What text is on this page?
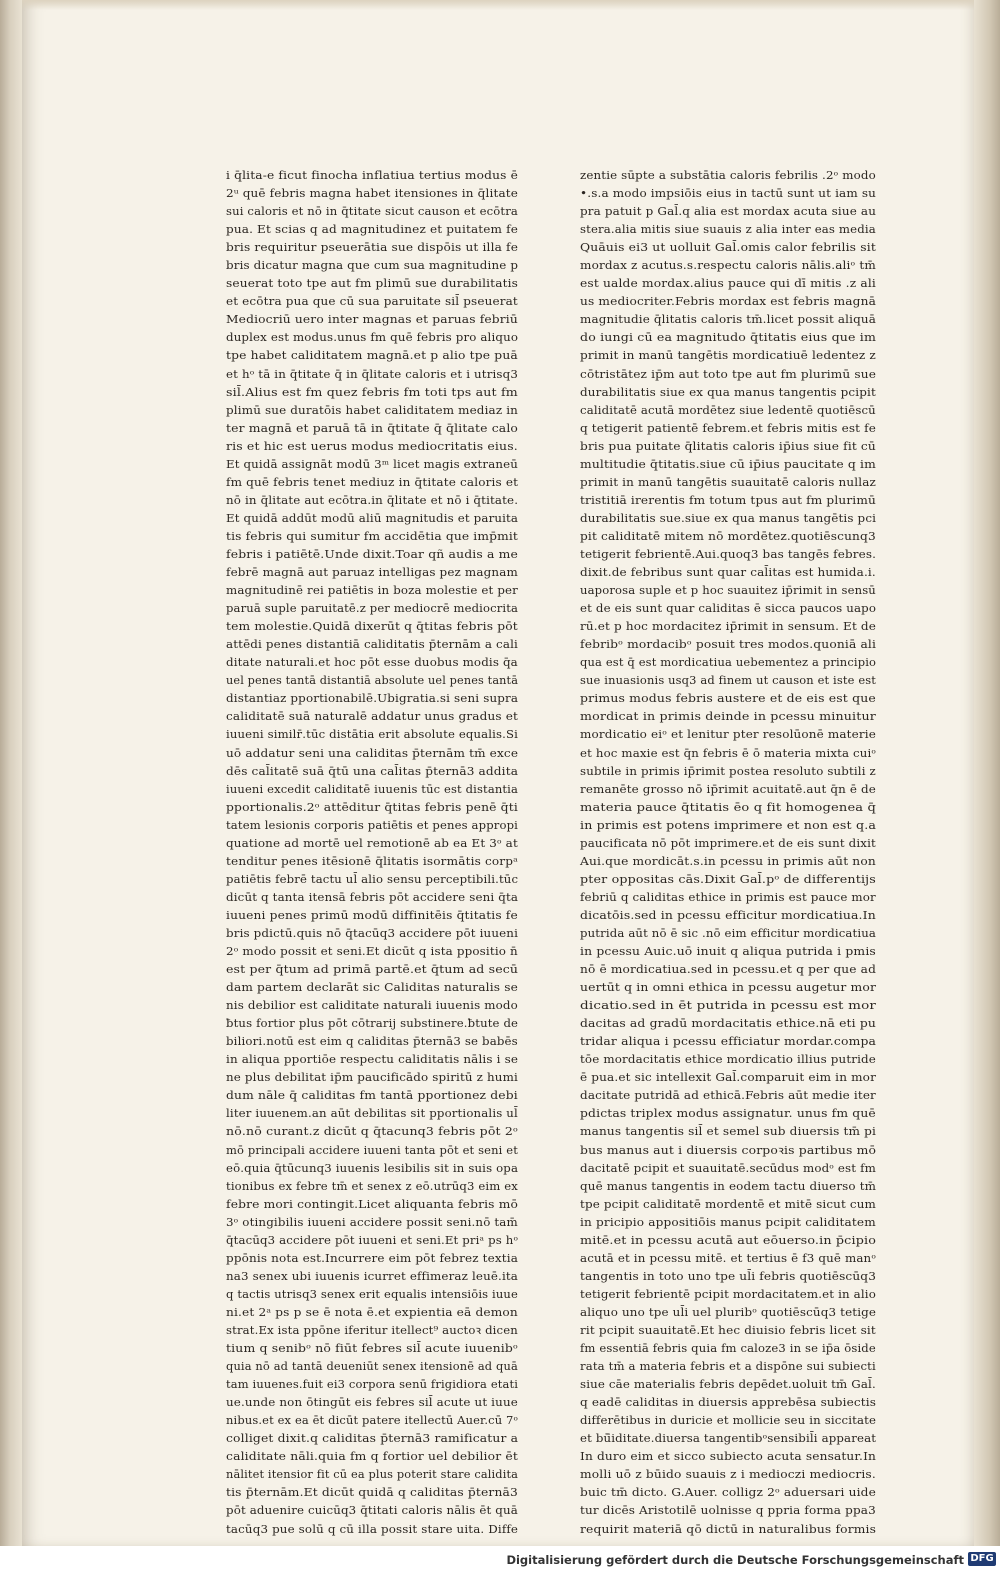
i q̄lita‑e ficut finocha inflatiua tertius modus ē
2ᵘ quē febris magna habet itensiones in q̄litate
sui caloris et nō in q̄titate sicut causon et ecōtra
pua. Et scias q ad magnitudinez et puitatem fe
bris requiritur pseuerātia sue dispōis ut illa fe
bris dicatur magna que cum sua magnitudine p
seuerat toto tpe aut fm plimū sue durabilitatis
et ecōtra pua que cū sua paruitate sil̄ pseuerat
Mediocriū uero inter magnas et paruas febriū
duplex est modus.unus fm quē febris pro aliquo
tpe habet caliditatem magnā.et p alio tpe puā
et hᵒ tā in q̄titate q̄ in q̄litate caloris et i utrisq3
sil̄.Alius est fm quez febris fm toti tps aut fm
plimū sue duratōis habet caliditatem mediaz in
ter magnā et paruā tā in q̄titate q̄ q̄litate calo
ris et hic est uerus modus mediocritatis eius.
Et quidā assignāt modū 3ᵐ licet magis extraneū
fm quē febris tenet mediuz in q̄titate caloris et
nō in q̄litate aut ecōtra.in q̄litate et nō i q̄titate.
Et quidā addūt modū aliū magnitudis et paruita
tis febris qui sumitur fm accidētia que imp̄mit
febris i patiētē.Unde dixit.Toar qñ audis a me
febrē magnā aut paruaz intelligas pez magnam
magnitudinē rei patiētis in boza molestie et per
paruā suple paruitatē.z per mediocrē mediocrita
tem molestie.Quidā dixerūt q q̄titas febris pōt
attēdi penes distantiā caliditatis p̄ternām a cali
ditate naturali.et hoc pōt esse duobus modis q̄a
uel penes tantā distantiā absolute uel penes tantā
distantiaz pportionabilē.Ubigratia.si seni supra
caliditatē suā naturalē addatur unus gradus et
iuueni similr̄.tūc distātia erit absolute equalis.Si
uō addatur seni una caliditas p̄ternām tm̄ exce
dēs cal̄itatē suā q̄tū una cal̄itas p̄ternā3 addita
iuueni excedit caliditatē iuuenis tūc est distantia
pportionalis.2ᵒ attēditur q̄titas febris penē q̄ti
tatem lesionis corporis patiētis et penes appropi
quatione ad mortē uel remotionē ab ea Et 3ᵒ at
tenditur penes itēsionē q̄litatis isormātis corpᵃ
patiētis febrē tactu ul̄ alio sensu perceptibili.tūc
dicūt q tanta itensā febris pōt accidere seni q̄ta
iuueni penes primū modū diffinitēis q̄titatis fe
bris pdictū.quis nō q̄tacūq3 accidere pōt iuueni
2ᵒ modo possit et seni.Et dicūt q ista ppositio n̄
est per q̄tum ad primā partē.et q̄tum ad secū
dam partem declarāt sic Caliditas naturalis se
nis debilior est caliditate naturali iuuenis modo
ƀtus fortior plus pōt cōtrarij substinere.ƀtute de
biliori.notū est eim q caliditas p̄ternā3 se babēs
in aliqua pportiōe respectu caliditatis nālis i se
ne plus debilitat ip̄m paucificādo spiritū z humi
dum nāle q̄ caliditas fm tantā pportionez debi
liter iuuenem.an aūt debilitas sit pportionalis ul̄
nō.nō curant.z dicūt q q̄tacunq3 febris pōt 2ᵒ
mō principali accidere iuueni tanta pōt et seni et
eō.quia q̄tūcunq3 iuuenis lesibilis sit in suis opa
tionibus ex febre tm̄ et senex z eō.utrūq3 eim ex
febre mori contingit.Licet aliquanta febris mō
3ᵒ otingibilis iuueni accidere possit seni.nō tam̄
q̄tacūq3 accidere pōt iuueni et seni.Et priᵃ ps hᵒ
ppōnis nota est.Incurrere eim pōt febrez textia
na3 senex ubi iuuenis icurret effimeraz leuē.ita
q tactis utrisq3 senex erit equalis intensiōis iuue
ni.et 2ᵃ ps p se ē nota ē.et expientia eā demon
strat.Ex ista ppōne iferitur itellect⁹ auctoꝛ dicen
tium q senibᵒ nō fiūt febres sil̄ acute iuuenibᵒ
quia nō ad tantā deueniūt senex itensionē ad quā
tam iuuenes.fuit ei3 corpora senū frigidiora etati
ue.unde non ōtingūt eis febres sil̄ acute ut iuue
nibus.et ex ea ēt dicūt patere itellectū Auer.cū 7ᵒ
colliget dixit.q caliditas p̄ternā3 ramificatur a
caliditate nāli.quia fm q fortior uel debilior ēt
nālitet itensior fit cū ea plus poterit stare calidita
tis p̄ternām.Et dicūt quidā q caliditas p̄ternā3
pōt aduenire cuicūq3 q̄titati caloris nālis ēt quā
tacūq3 pue solū q cū illa possit stare uita. Diffe
zentie sūpte a substātia caloris febrilis .2ᵒ modo
•.s.a modo impsiōis eius in tactū sunt ut iam su
pra patuit p Gal̄.q alia est mordax acuta siue au
stera.alia mitis siue suauis z alia inter eas media
Quāuis ei3 ut uolluit Gal̄.omis calor febrilis sit
mordax z acutus.s.respectu caloris nālis.aliᵒ tm̄
est ualde mordax.alius pauce qui dī mitis .z ali
us mediocriter.Febris mordax est febris magnā
magnitudie q̄litatis caloris tm̄.licet possit aliquā
do iungi cū ea magnitudo q̄titatis eius que im
primit in manū tangētis mordicatiuē ledentez z
cōtristātez ip̄m aut toto tpe aut fm plurimū sue
durabilitatis siue ex qua manus tangentis pcipit
caliditatē acutā mordētez siue ledentē quotiēscū
q tetigerit patientē febrem.et febris mitis est fe
bris pua puitate q̄litatis caloris ip̄ius siue fit cū
multitudie q̄titatis.siue cū ip̄ius paucitate q im
primit in manū tangētis suauitatē caloris nullaz
tristitiā irerentis fm totum tpus aut fm plurimū
durabilitatis sue.siue ex qua manus tangētis pci
pit caliditatē mitem nō mordētez.quotiēscunq3
tetigerit febrientē.Aui.quoq3 bas tangēs febres.
dixit.de febribus sunt quar cal̄itas est humida.i.
uaporosa suple et p hoc suauitez ip̄rimit in sensū
et de eis sunt quar caliditas ē sicca paucos uapo
rū.et p hoc mordacitez ip̄rimit in sensum. Et de
febribᵒ mordacibᵒ posuit tres modos.quoniā ali
qua est q̄ est mordicatiua uebementez a principio
sue inuasionis usq3 ad finem ut causon et iste est
primus modus febris austere et de eis est que
mordicat in primis deinde in pcessu minuitur
mordicatio eiᵒ et lenitur pter resolūonē materie
et hoc maxie est q̄n febris ē ō materia mixta cuiᵒ
subtile in primis ip̄rimit postea resoluto subtili z
remanēte grosso nō ip̄rimit acuitatē.aut q̄n ē de
materia pauce q̄titatis ēo q fit homogenea q̄
in primis est potens imprimere et non est q.a
paucificata nō pōt imprimere.et de eis sunt dixit
Aui.que mordicāt.s.in pcessu in primis aūt non
pter oppositas cās.Dixit Gal̄.pᵒ de differentijs
febriū q caliditas ethice in primis est pauce mor
dicatōis.sed in pcessu efficitur mordicatiua.In
putrida aūt nō ē sic .nō eim efficitur mordicatiua
in pcessu Auic.uō inuit q aliqua putrida i pmis
nō ē mordicatiua.sed in pcessu.et q per que ad
uertūt q in omni ethica in pcessu augetur mor
dicatio.sed in ēt putrida in pcessu est mor
dacitas ad gradū mordacitatis ethice.nā eti pu
tridar aliqua i pcessu efficiatur mordar.compa
tōe mordacitatis ethice mordicatio illius putride
ē pua.et sic intellexit Gal̄.comparuit eim in mor
dacitate putridā ad ethicā.Febris aūt medie iter
pdictas triplex modus assignatur. unus fm quē
manus tangentis sil̄ et semel sub diuersis tm̄ pi
bus manus aut i diuersis corpoꝛis partibus mō
dacitatē pcipit et suauitatē.secūdus modᵒ est fm
quē manus tangentis in eodem tactu diuerso tm̄
tpe pcipit caliditatē mordentē et mitē sicut cum
in pricipio appositiōis manus pcipit caliditatem
mitē.et in pcessu acutā aut eōuerso.in p̄cipio
acutā et in pcessu mitē. et tertius ē f3 quē manᵒ
tangentis in toto uno tpe ul̄i febris quotiēscūq3
tetigerit febrientē pcipit mordacitatem.et in alio
aliquo uno tpe ul̄i uel pluribᵒ quotiēscūq3 tetige
rit pcipit suauitatē.Et hec diuisio febris licet sit
fm essentiā febris quia fm caloze3 in se ip̄a ōside
rata tm̄ a materia febris et a dispōne sui subiecti
siue cāe materialis febris depēdet.uoluit tm̄ Gal̄.
q eadē caliditas in diuersis apprebēsa subiectis
differētibus in duricie et mollicie seu in siccitate
et bū̄iditate.diuersa tangentibᵒsensibil̄i appareat
In duro eim et sicco subiecto acuta sensatur.In
molli uō z būido suauis z i medioczi mediocris.
buic tm̄ dicto. G.Auer. colligz 2ᵒ aduersari uide
tur dicēs Aristotilē uolnisse q ppria forma ppa3
requirit materiā qō dictū in naturalibus formis
Digitalisierung gefördert durch die Deutsche Forschungsgemeinschaft DFG
